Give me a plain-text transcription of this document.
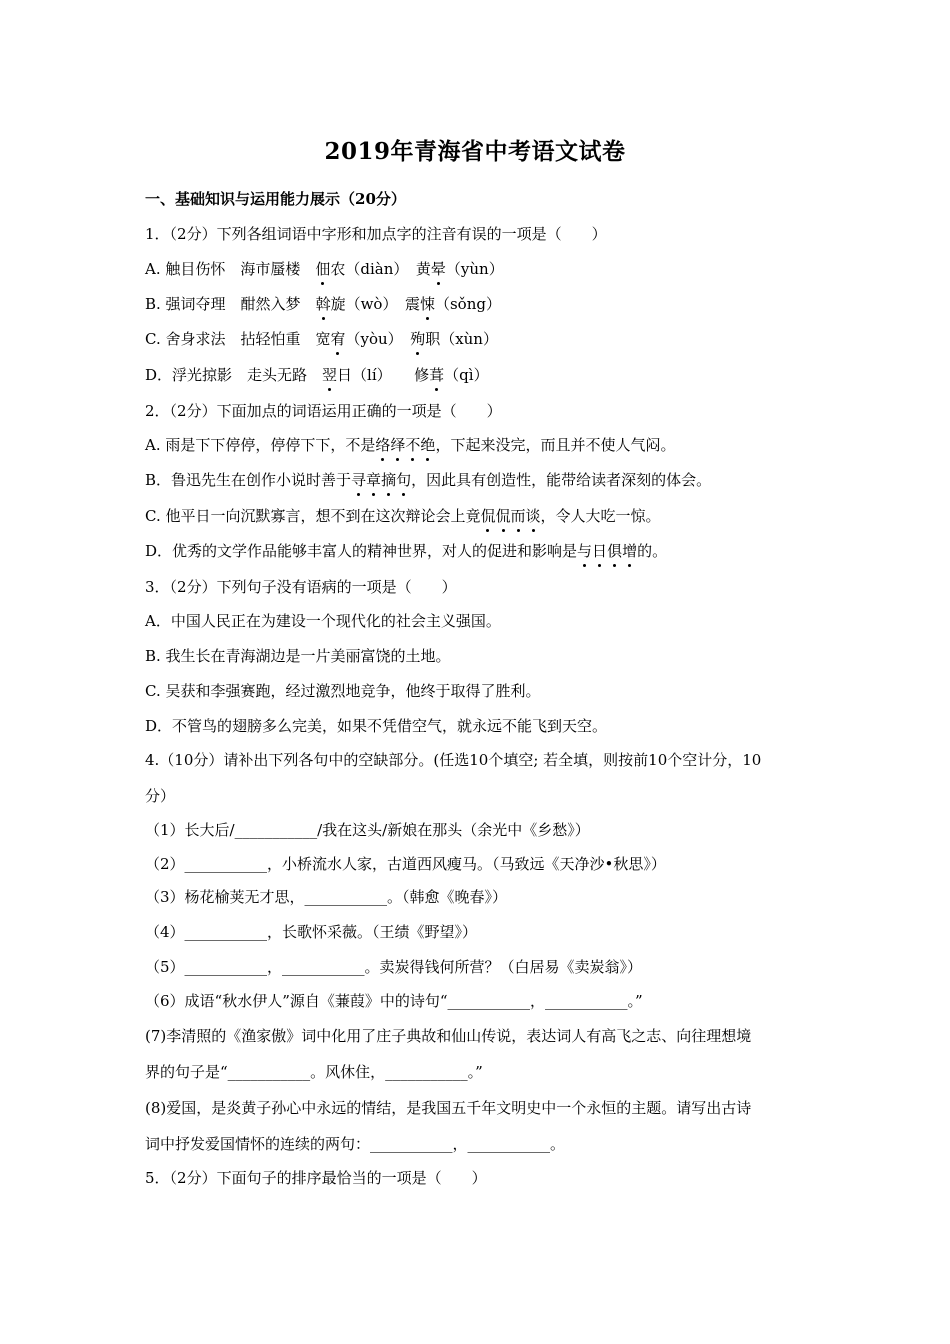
2019年青海省中考语文试卷
一、基础知识与运用能力展示（20分）
1．（2分）下列各组词语中字形和加点字的注音有误的一项是（　　）
A. 触目伤怀　海市蜃楼　佃农（diàn）　黄晕（yùn）
B. 强词夺理　酣然入梦　斡旋（wò）　震悚（sǒng）
C. 舍身求法　拈轻怕重　宽宥（yòu）　殉职（xùn）
D．浮光掠影　走头无路　翌日（lí）　　修葺（qì）
2．（2分）下面加点的词语运用正确的一项是（　　）
A. 雨是下下停停，停停下下，不是络绎不绝，下起来没完，而且并不使人气闷。
B．鲁迅先生在创作小说时善于寻章摘句，因此具有创造性，能带给读者深刻的体会。
C. 他平日一向沉默寡言，想不到在这次辩论会上竟侃侃而谈，令人大吃一惊。
D．优秀的文学作品能够丰富人的精神世界，对人的促进和影响是与日俱增的。
3．（2分）下列句子没有语病的一项是（　　）
A．中国人民正在为建设一个现代化的社会主义强国。
B. 我生长在青海湖边是一片美丽富饶的土地。
C. 吴获和李强赛跑，经过激烈地竞争，他终于取得了胜利。
D．不管鸟的翅膀多么完美，如果不凭借空气，就永远不能飞到天空。
4.（10分）请补出下列各句中的空缺部分。(任选10个填空; 若全填，则按前10个空计分，10
分）
（1）长大后/___________/我在这头/新娘在那头（余光中《乡愁》）
（2）___________，小桥流水人家，古道西风瘦马。（马致远《天净沙•秋思》）
（3）杨花榆荚无才思，___________。（韩愈《晚春》）
（4）___________，长歌怀采薇。（王绩《野望》）
（5）___________，___________。卖炭得钱何所营？（白居易《卖炭翁》）
（6）成语“秋水伊人”源自《蒹葭》中的诗句“___________，___________。”
(7)李清照的《渔家傲》词中化用了庄子典故和仙山传说，表达词人有高飞之志、向往理想境
界的句子是“___________。风休住，___________。”
(8)爱国，是炎黄子孙心中永远的情结，是我国五千年文明史中一个永恒的主题。请写出古诗
词中抒发爱国情怀的连续的两句：___________，___________。
5．（2分）下面句子的排序最恰当的一项是（　　）
